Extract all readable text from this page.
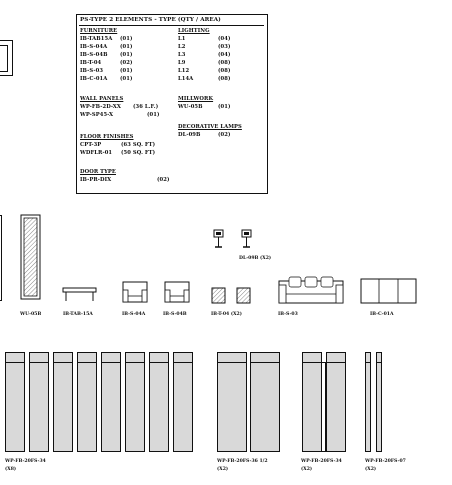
PS-TYPE 2 ELEMENTS - TYPE (QTY / AREA)
FURNITURE
IB-TAB15A (01)
IB-S-04A (01)
IB-S-04B (01)
IB-T-04	(02)
IB-S-03	(01)
IB-C-01A (01)
LIGHTING
L1	(04)
L2	(03)
L3	(04)
L9	(08)
L12	(08)
L14A	(08)
WALL PANELS
WP-FB-2D-XX (36 L.F.)
WP-SP45-X	(01)
MILLWORK
WU-05B	(01)
DECORATIVE LAMPS
DL-09B	(02)
FLOOR FINISHES
CPT-3P	(63 SQ. FT)
WDFLR-01 (50 SQ. FT)
DOOR TYPE
IB-PR-DIX	(02)
DL-09B (X2)
WU-05B	IB-TAB-15A	IB-S-04A	IB-S-04B	IB-T-04 (X2)	IB-S-03	IB-C-01A
WP-FB-20FS-34
(X8)
WP-FB-20FS-36 1/2
(X2)
WP-FB-20FS-34
(X2)
WP-FB-20FS-07
(X2)
